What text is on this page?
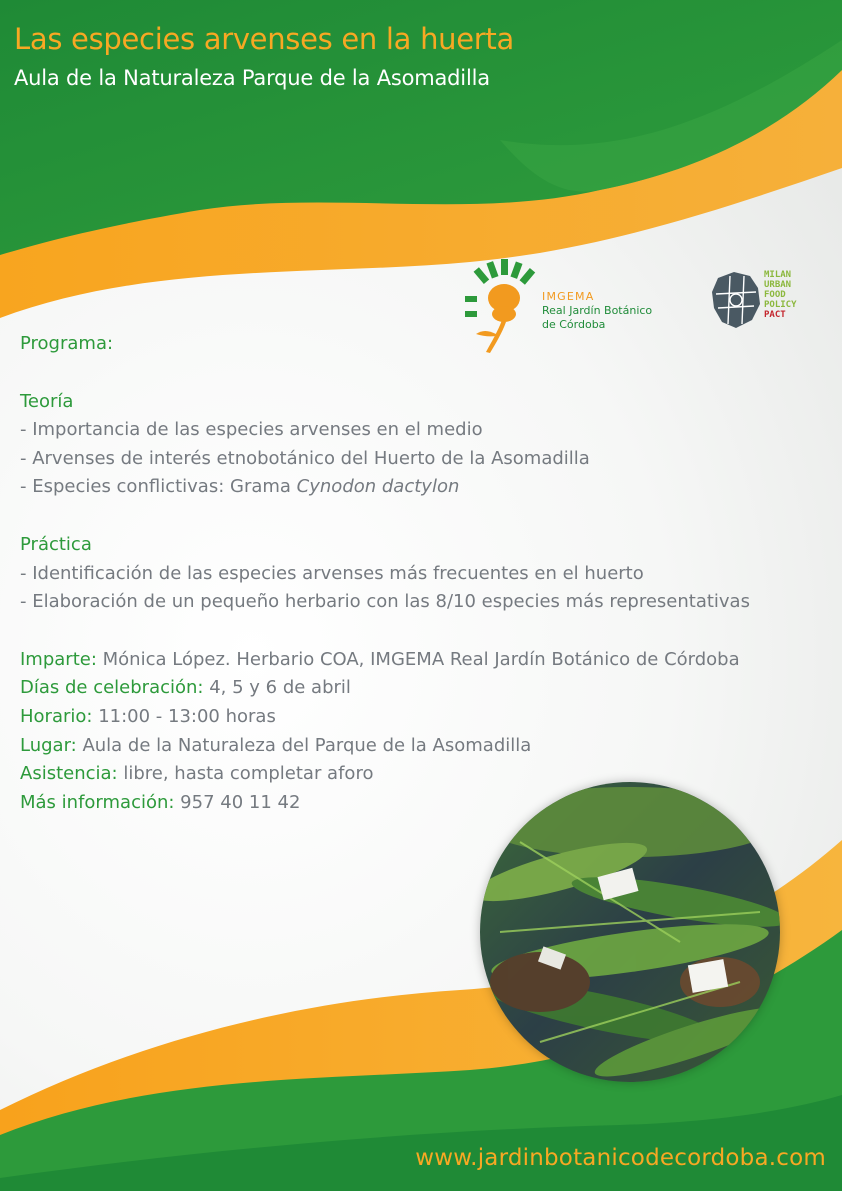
Las especies arvenses en la huerta
Aula de la Naturaleza Parque de la Asomadilla
IMGEMA
Real Jardín Botánico
de Córdoba
MILAN
URBAN
FOOD
POLICY
PACT

Programa:

Teoría

- Importancia de las especies arvenses en el medio

- Arvenses de interés etnobotánico del Huerto de la Asomadilla

- Especies conflictivas: Grama Cynodon dactylon

Práctica

- Identificación de las especies arvenses más frecuentes en el huerto

- Elaboración de un pequeño herbario con las 8/10 especies más representativas

Imparte: Mónica López. Herbario COA, IMGEMA Real Jardín Botánico de Córdoba

Días de celebración: 4, 5 y 6 de abril

Horario: 11:00 - 13:00 horas

Lugar: Aula de la Naturaleza del Parque de la Asomadilla

Asistencia: libre, hasta completar aforo

Más información: 957 40 11 42

www.jardinbotanicodecordoba.com
